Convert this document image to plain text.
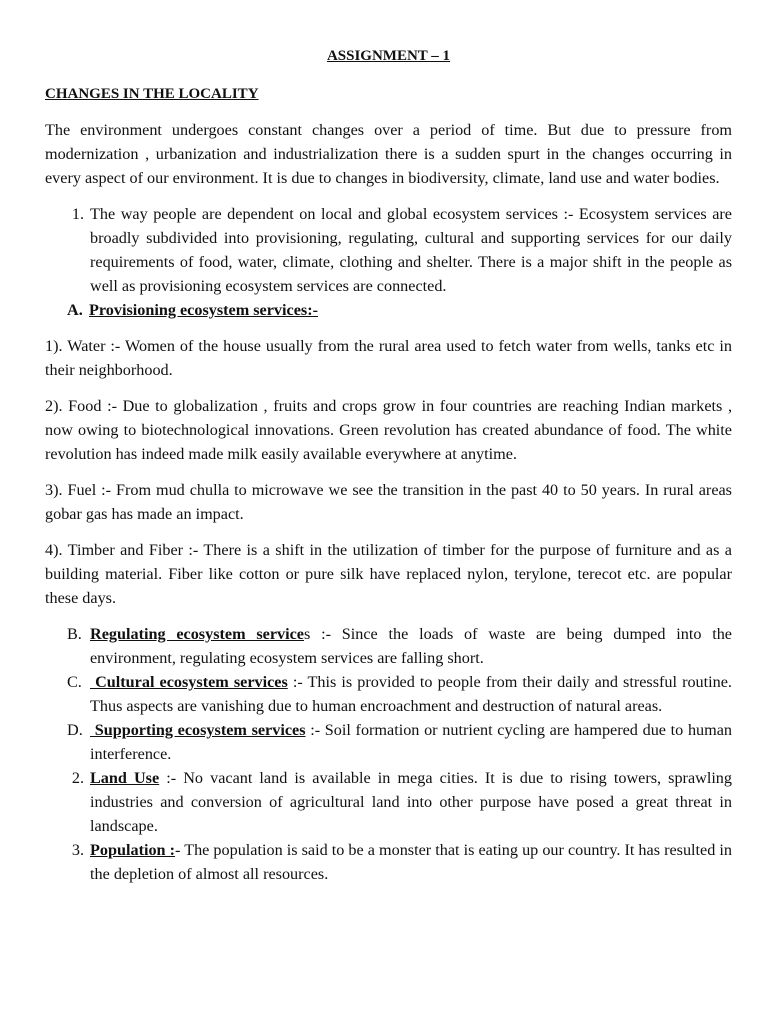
ASSIGNMENT – 1
CHANGES IN THE LOCALITY

The environment undergoes constant changes over a period of time. But due to pressure from modernization , urbanization and industrialization there is a sudden spurt in the changes occurring in every aspect of our environment. It is due to changes in biodiversity, climate, land use and water bodies.

1. The way people are dependent on local and global ecosystem services :- Ecosystem services are broadly subdivided into provisioning, regulating, cultural and supporting services for our daily requirements of food, water, climate, clothing and shelter. There is a major shift in the people as well as provisioning ecosystem services are connected.
A. Provisioning ecosystem services:-

1). Water :- Women of the house usually from the rural area used to fetch water from wells, tanks etc in their neighborhood.

2). Food :- Due to globalization , fruits and crops grow in four countries are reaching Indian markets , now owing to biotechnological innovations. Green revolution has created abundance of food. The white revolution has indeed made milk easily available everywhere at anytime.

3). Fuel :- From mud chulla to microwave we see the transition in the past 40 to 50 years. In rural areas gobar gas has made an impact.

4). Timber and Fiber :- There is a shift in the utilization of timber for the purpose of furniture and as a building material. Fiber like cotton or pure silk have replaced nylon, terylone, terecot etc. are popular these days.

B. Regulating ecosystem services :- Since the loads of waste are being dumped into the environment, regulating ecosystem services are falling short.
C. Cultural ecosystem services :- This is provided to people from their daily and stressful routine. Thus aspects are vanishing due to human encroachment and destruction of natural areas.
D. Supporting ecosystem services :- Soil formation or nutrient cycling are hampered due to human interference.
2. Land Use :- No vacant land is available in mega cities. It is due to rising towers, sprawling industries and conversion of agricultural land into other purpose have posed a great threat in landscape.
3. Population :- The population is said to be a monster that is eating up our country. It has resulted in the depletion of almost all resources.
